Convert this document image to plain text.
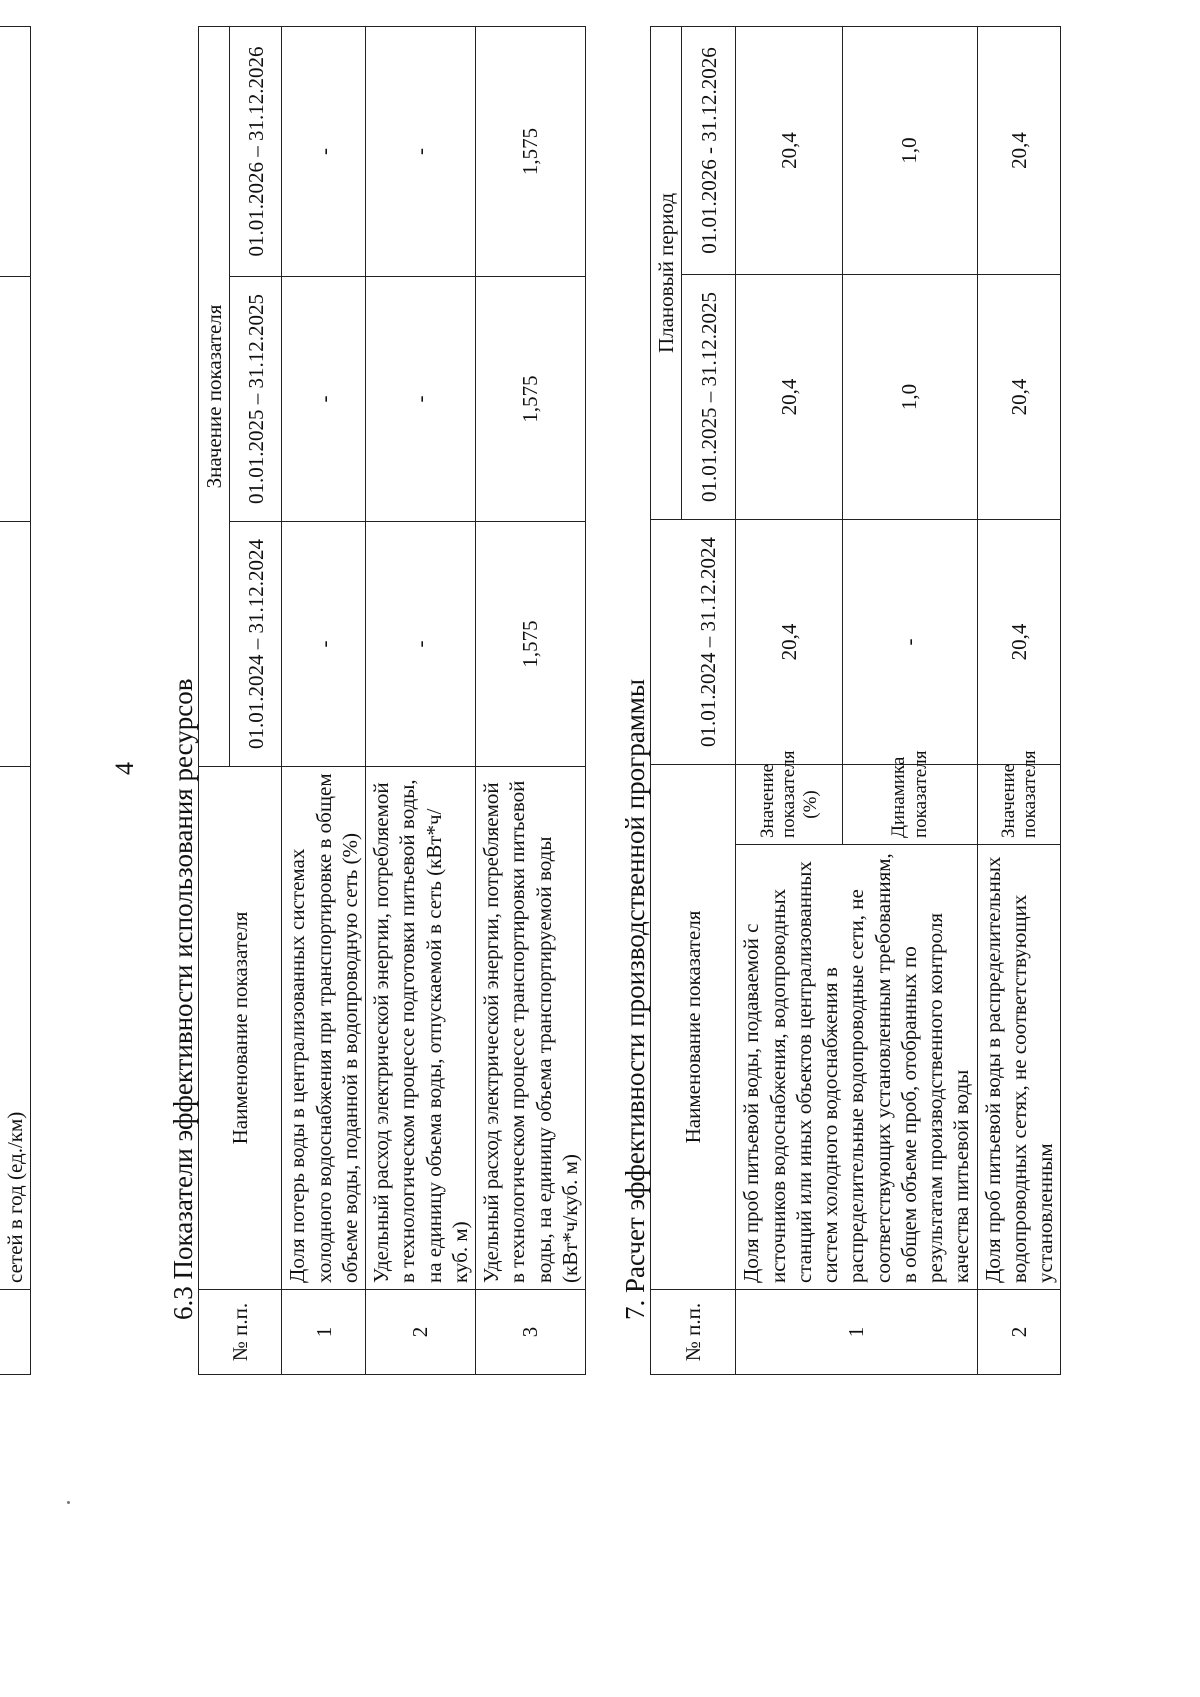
	сетей в год (ед./км)			
4 6.3 Показатели эффективности использования ресурсов
№ п.п.	Наименование показателя	Значение показателя		
		01.01.2024 – 31.12.2024	01.01.2025 – 31.12.2025	01.01.2026 – 31.12.2026
1	Доля потерь воды в централизованных системах холодного водоснабжения при транспортировке в общем объеме воды, поданной в водопроводную сеть (%)	-	-	-
2	Удельный расход электрической энергии, потребляемой в технологическом процессе подготовки питьевой воды, на единицу объема воды, отпускаемой в сеть (кВт*ч/куб. м)	-	-	-
3	Удельный расход электрической энергии, потребляемой в технологическом процессе транспортировки питьевой воды, на единицу объема транспортируемой воды (кВт*ч/куб. м)	1,575	1,575	1,575
7. Расчет эффективности производственной программы
№ п.п.	Наименование показателя			Плановый период	
			01.01.2024 – 31.12.2024	01.01.2025 – 31.12.2025	01.01.2026 - 31.12.2026
1	Доля проб питьевой воды, подаваемой с источников водоснабжения, водопроводных станций или иных объектов централизованных систем холодного водоснабжения в распределительные водопроводные сети, не соответствующих установленным требованиям, в общем объеме проб, отобранных по результатам производственного контроля качества питьевой воды	Значение показателя (%)	20,4	20,4	20,4
		Динамика показателя	-	1,0	1,0
2	Доля проб питьевой воды в распределительных водопроводных сетях, не соответствующих установленным	Значение показателя	20,4	20,4	20,4
